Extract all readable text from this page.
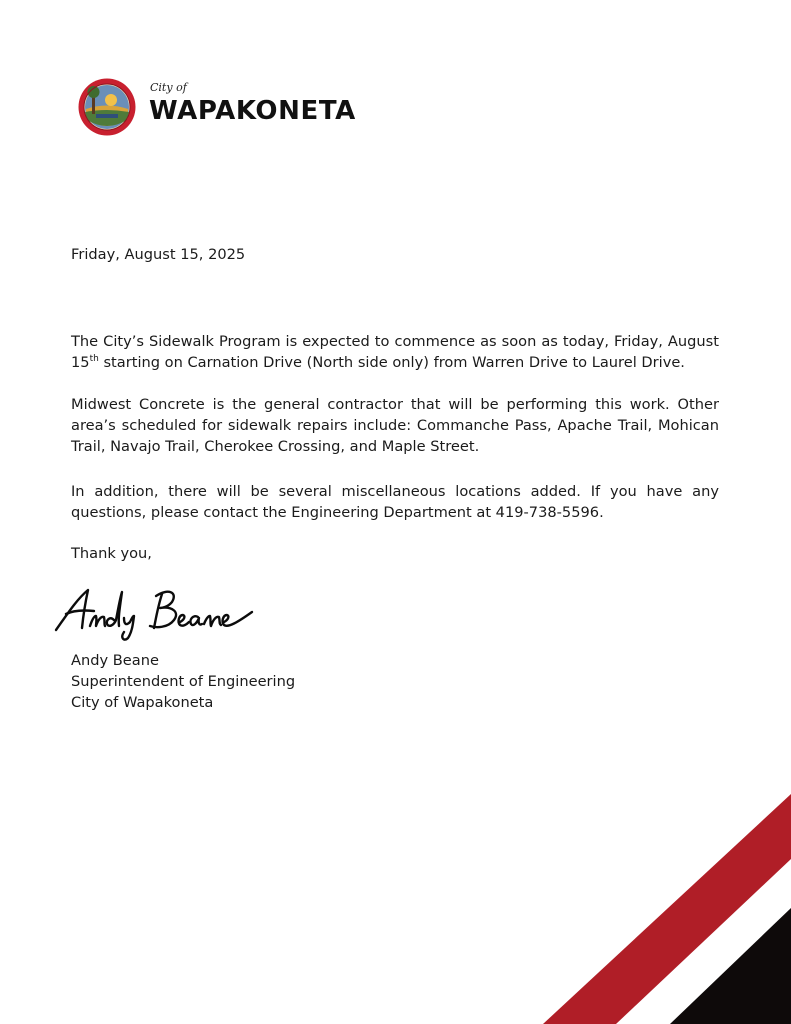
City of
WAPAKONETA
Friday, August 15, 2025

The City’s Sidewalk Program is expected to commence as soon as today, Friday, August 15th starting on Carnation Drive (North side only) from Warren Drive to Laurel Drive.

Midwest Concrete is the general contractor that will be performing this work. Other area’s scheduled for sidewalk repairs include: Commanche Pass, Apache Trail, Mohican Trail, Navajo Trail, Cherokee Crossing, and Maple Street.

In addition, there will be several miscellaneous locations added. If you have any questions, please contact the Engineering Department at 419-738-5596.

Thank you,

Andy Beane
Superintendent of Engineering
City of Wapakoneta
